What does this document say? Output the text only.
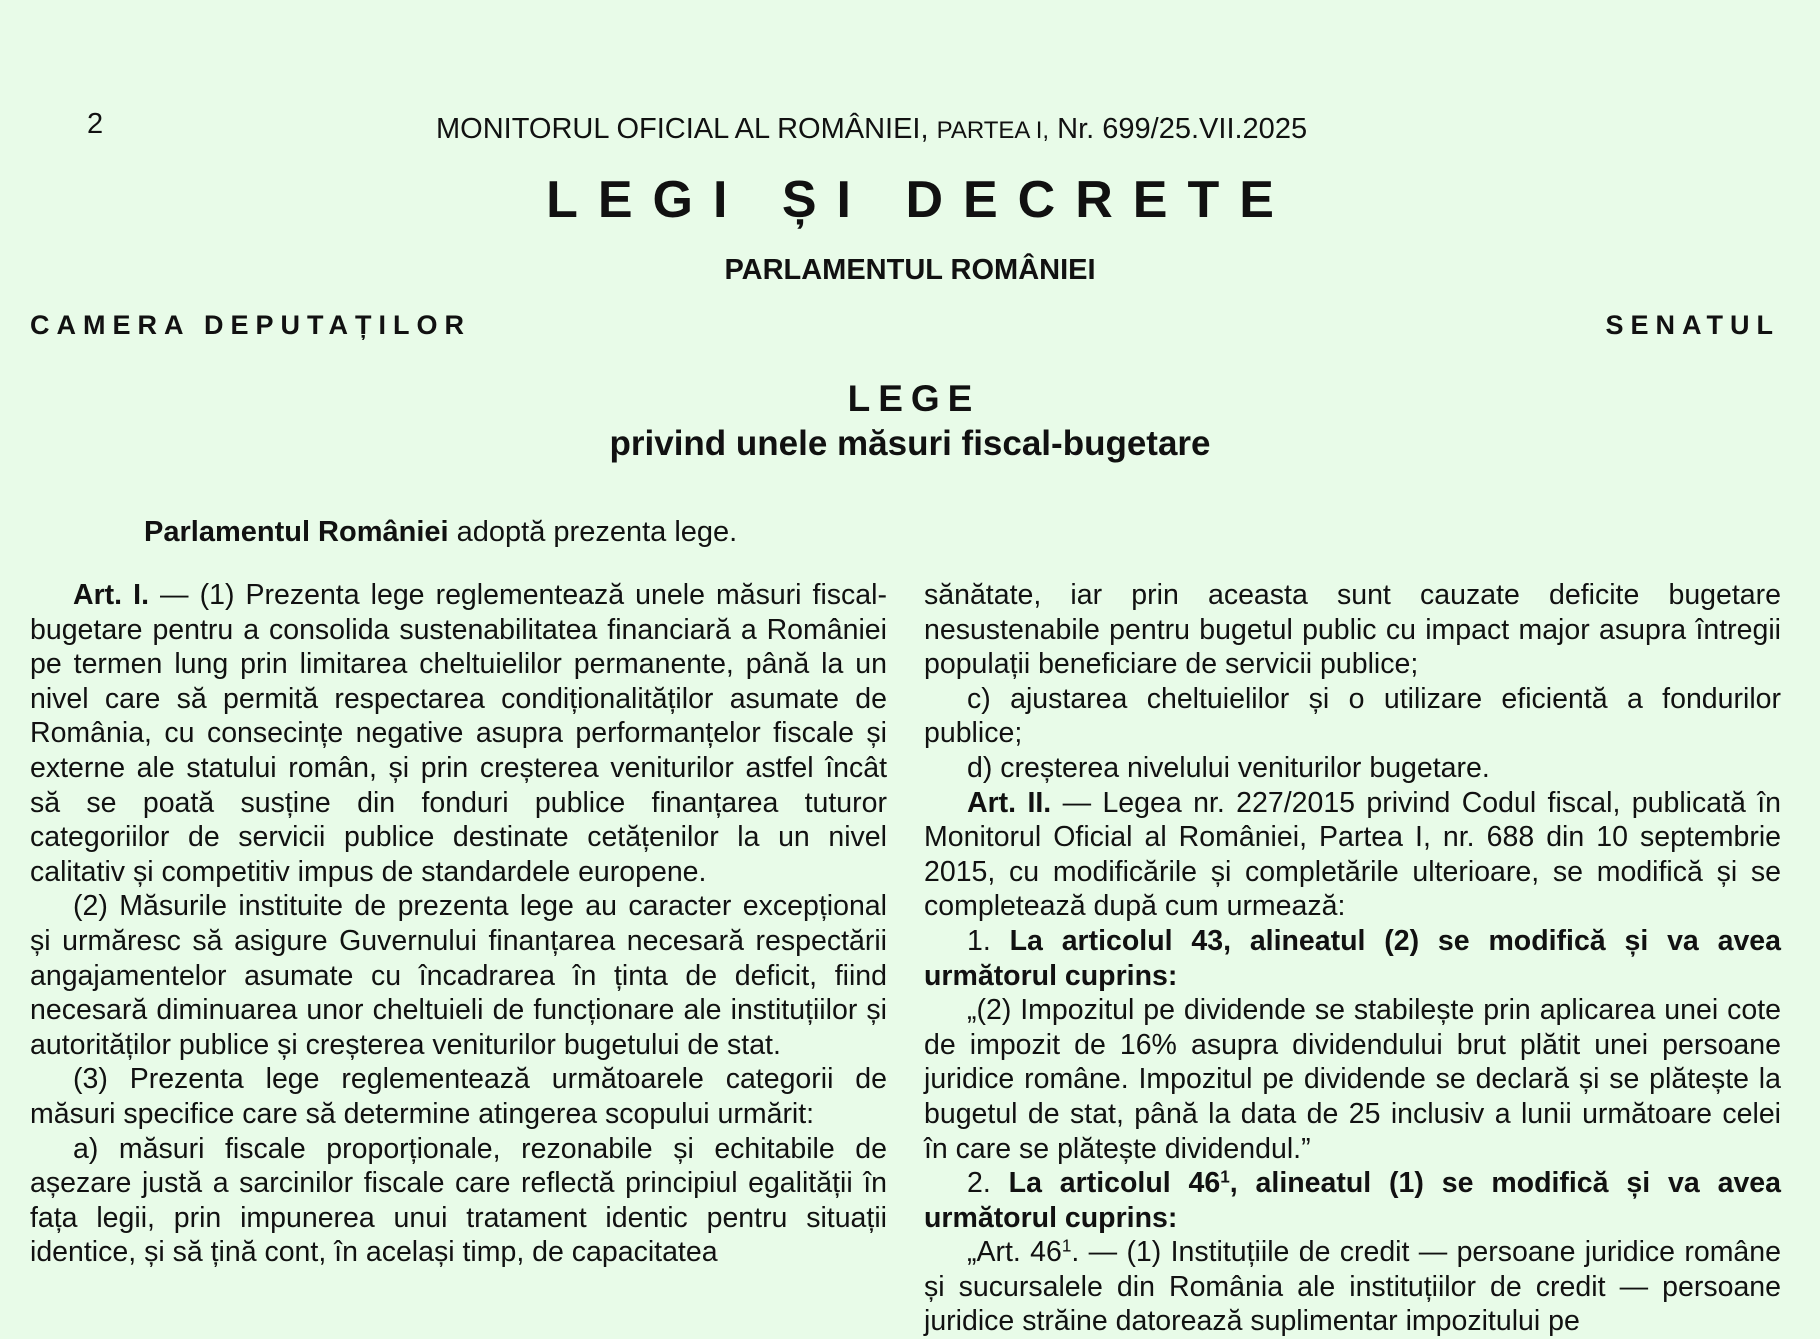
2	MONITORUL OFICIAL AL ROMÂNIEI, PARTEA I, Nr. 699/25.VII.2025
LEGI ȘI DECRETE
PARLAMENTUL ROMÂNIEI
CAMERA DEPUTAȚILOR	SENATUL
LEGE
privind unele măsuri fiscal-bugetare
Parlamentul României adoptă prezenta lege.

Art. I. — (1) Prezenta lege reglementează unele măsuri fiscal-bugetare pentru a consolida sustenabilitatea financiară a României pe termen lung prin limitarea cheltuielilor permanente, până la un nivel care să permită respectarea condiționalităților asumate de România, cu consecințe negative asupra performanțelor fiscale și externe ale statului român, și prin creșterea veniturilor astfel încât să se poată susține din fonduri publice finanțarea tuturor categoriilor de servicii publice destinate cetățenilor la un nivel calitativ și competitiv impus de standardele europene.

(2) Măsurile instituite de prezenta lege au caracter excepțional și urmăresc să asigure Guvernului finanțarea necesară respectării angajamentelor asumate cu încadrarea în ținta de deficit, fiind necesară diminuarea unor cheltuieli de funcționare ale instituțiilor și autorităților publice și creșterea veniturilor bugetului de stat.

(3) Prezenta lege reglementează următoarele categorii de măsuri specifice care să determine atingerea scopului urmărit:

a) măsuri fiscale proporționale, rezonabile și echitabile de așezare justă a sarcinilor fiscale care reflectă principiul egalității în fața legii, prin impunerea unui tratament identic pentru situații identice, și să țină cont, în același timp, de capacitatea

sănătate, iar prin aceasta sunt cauzate deficite bugetare nesustenabile pentru bugetul public cu impact major asupra întregii populații beneficiare de servicii publice;

c) ajustarea cheltuielilor și o utilizare eficientă a fondurilor publice;

d) creșterea nivelului veniturilor bugetare.

Art. II. — Legea nr. 227/2015 privind Codul fiscal, publicată în Monitorul Oficial al României, Partea I, nr. 688 din 10 septembrie 2015, cu modificările și completările ulterioare, se modifică și se completează după cum urmează:

1. La articolul 43, alineatul (2) se modifică și va avea următorul cuprins:

„(2) Impozitul pe dividende se stabilește prin aplicarea unei cote de impozit de 16% asupra dividendului brut plătit unei persoane juridice române. Impozitul pe dividende se declară și se plătește la bugetul de stat, până la data de 25 inclusiv a lunii următoare celei în care se plătește dividendul.”

2. La articolul $46^1$, alineatul (1) se modifică și va avea următorul cuprins:

„Art. $46^1$. — (1) Instituțiile de credit — persoane juridice române și sucursalele din România ale instituțiilor de credit — persoane juridice străine datorează suplimentar impozitului pe
